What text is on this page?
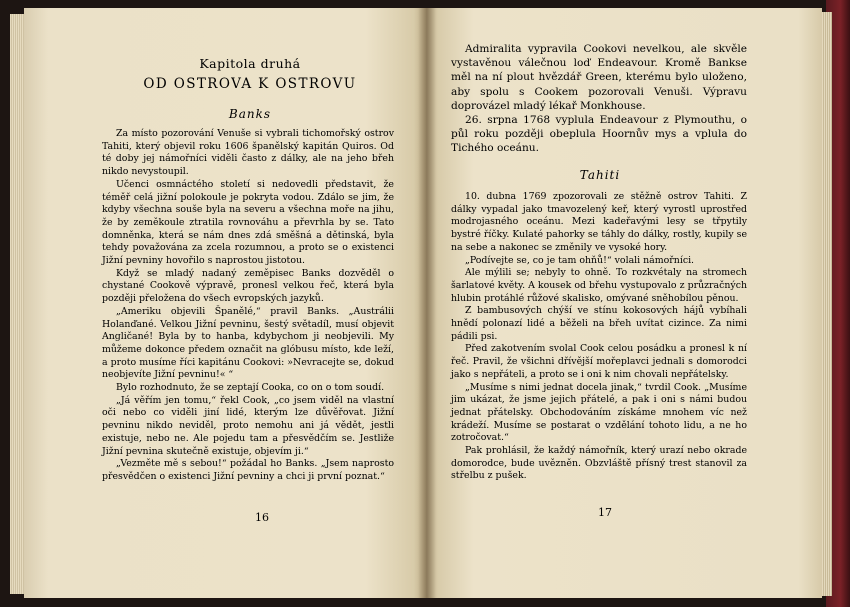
Kapitola druhá
OD OSTROVA K OSTROVU
Banks

Za místo pozorování Venuše si vybrali tichomořský ostrov Tahiti, který objevil roku 1606 španělský kapitán Quiros. Od té doby jej námořníci viděli často z dálky, ale na jeho břeh nikdo nevystoupil.

Učenci osmnáctého století si nedovedli představit, že téměř celá jižní polokoule je pokryta vodou. Zdálo se jim, že kdyby všechna souše byla na severu a všechna moře na jihu, že by zeměkoule ztratila rovnováhu a převrhla by se. Tato domněnka, která se nám dnes zdá směšná a dětinská, byla tehdy považována za zcela rozumnou, a proto se o existenci Jižní pevniny hovořilo s naprostou jistotou.

Když se mladý nadaný zeměpisec Banks dozvěděl o chystané Cookově výpravě, pronesl velkou řeč, která byla později přeložena do všech evropských jazyků.

„Ameriku objevili Španělé,“ pravil Banks. „Austrálii Holanďané. Velkou Jižní pevninu, šestý světadíl, musí objevit Angličané! Byla by to hanba, kdybychom ji neobjevili. My můžeme dokonce předem označit na glóbusu místo, kde leží, a proto musíme říci kapitánu Cookovi: »Nevracejte se, dokud neobjevíte Jižní pevninu!« “

Bylo rozhodnuto, že se zeptají Cooka, co on o tom soudí.

„Já věřím jen tomu,“ řekl Cook, „co jsem viděl na vlastní oči nebo co viděli jiní lidé, kterým lze důvěřovat. Jižní pevninu nikdo neviděl, proto nemohu ani já vědět, jestli existuje, nebo ne. Ale pojedu tam a přesvědčím se. Jestliže Jižní pevnina skutečně existuje, objevím ji.“

„Vezměte mě s sebou!“ požádal ho Banks. „Jsem naprosto přesvědčen o existenci Jižní pevniny a chci ji první poznat.“

16

Admiralita vypravila Cookovi nevelkou, ale skvěle vystavěnou válečnou loď Endeavour. Kromě Bankse měl na ní plout hvězdář Green, kterému bylo uloženo, aby spolu s Cookem pozorovali Venuši. Výpravu doprovázel mladý lékař Monkhouse.

26. srpna 1768 vyplula Endeavour z Plymouthu, o půl roku později obeplula Hoornův mys a vplula do Tichého oceánu.

Tahiti

10. dubna 1769 zpozorovali ze stěžně ostrov Tahiti. Z dálky vypadal jako tmavozelený keř, který vyrostl uprostřed modrojasného oceánu. Mezi kadeřavými lesy se třpytily bystré říčky. Kulaté pahorky se táhly do dálky, rostly, kupily se na sebe a nakonec se změnily ve vysoké hory.

„Podívejte se, co je tam ohňů!“ volali námořníci.

Ale mýlili se; nebyly to ohně. To rozkvétaly na stromech šarlatové květy. A kousek od břehu vystupovalo z průzračných hlubin protáhlé růžové skalisko, omývané sněhobílou pěnou.

Z bambusových chýší ve stínu kokosových hájů vybíhali hnědí polonazí lidé a běželi na břeh uvítat cizince. Za nimi pádili psi.

Před zakotvením svolal Cook celou posádku a pronesl k ní řeč. Pravil, že všichni dřívější mořeplavci jednali s domorodci jako s nepřáteli, a proto se i oni k nim chovali nepřátelsky.

„Musíme s nimi jednat docela jinak,“ tvrdil Cook. „Musíme jim ukázat, že jsme jejich přátelé, a pak i oni s námi budou jednat přátelsky. Obchodováním získáme mnohem víc než krádeží. Musíme se postarat o vzdělání tohoto lidu, a ne ho zotročovat.“

Pak prohlásil, že každý námořník, který urazí nebo okrade domorodce, bude uvězněn. Obzvláště přísný trest stanovil za střelbu z pušek.

17
